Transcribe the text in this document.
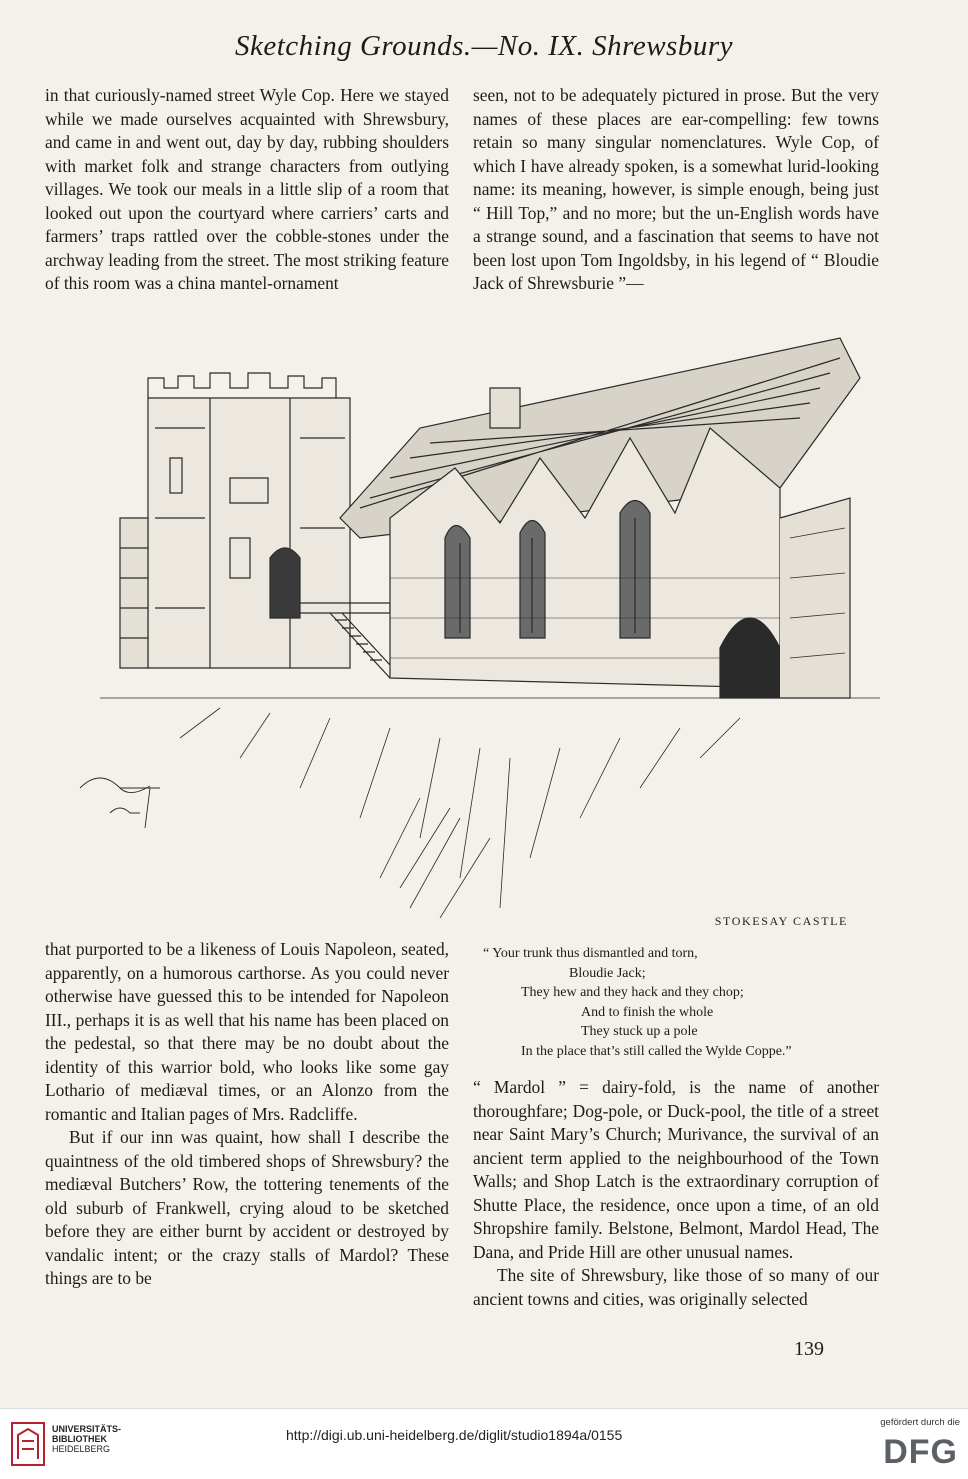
Sketching Grounds.—No. IX. Shrewsbury

in that curiously-named street Wyle Cop. Here we stayed while we made ourselves acquainted with Shrewsbury, and came in and went out, day by day, rubbing shoulders with market folk and strange characters from outlying villages. We took our meals in a little slip of a room that looked out upon the courtyard where carriers’ carts and farmers’ traps rattled over the cobble-stones under the archway leading from the street. The most striking feature of this room was a china mantel-ornament

seen, not to be adequately pictured in prose. But the very names of these places are ear-compelling: few towns retain so many singular nomenclatures. Wyle Cop, of which I have already spoken, is a somewhat lurid-looking name: its meaning, however, is simple enough, being just “ Hill Top,” and no more; but the un-English words have a strange sound, and a fascination that seems to have not been lost upon Tom Ingoldsby, in his legend of “ Bloudie Jack of Shrewsburie ”—

STOKESAY CASTLE

that purported to be a likeness of Louis Napoleon, seated, apparently, on a humorous carthorse. As you could never otherwise have guessed this to be intended for Napoleon III., perhaps it is as well that his name has been placed on the pedestal, so that there may be no doubt about the identity of this warrior bold, who looks like some gay Lothario of mediæval times, or an Alonzo from the romantic and Italian pages of Mrs. Radcliffe.

But if our inn was quaint, how shall I describe the quaintness of the old timbered shops of Shrewsbury? the mediæval Butchers’ Row, the tottering tenements of the old suburb of Frankwell, crying aloud to be sketched before they are either burnt by accident or destroyed by vandalic intent; or the crazy stalls of Mardol? These things are to be

“ Your trunk thus dismantled and torn,
Bloudie Jack;
They hew and they hack and they chop;
And to finish the whole
They stuck up a pole
In the place that’s still called the Wylde Coppe.”

“ Mardol ” = dairy-fold, is the name of another thoroughfare; Dog-pole, or Duck-pool, the title of a street near Saint Mary’s Church; Murivance, the survival of an ancient term applied to the neighbourhood of the Town Walls; and Shop Latch is the extraordinary corruption of Shutte Place, the residence, once upon a time, of an old Shropshire family. Belstone, Belmont, Mardol Head, The Dana, and Pride Hill are other unusual names.

The site of Shrewsbury, like those of so many of our ancient towns and cities, was originally selected

139
UNIVERSITÄTS-
BIBLIOTHEK
HEIDELBERG
http://digi.ub.uni-heidelberg.de/diglit/studio1894a/0155
gefördert durch die
DFG
